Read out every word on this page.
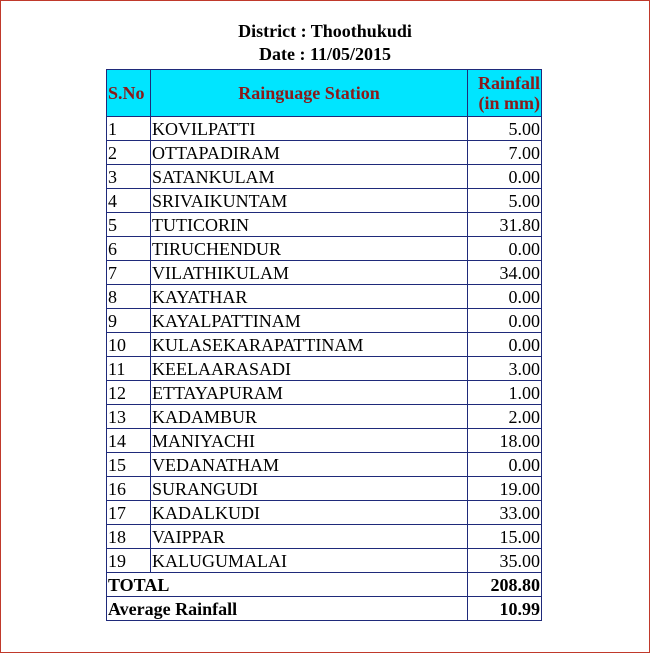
District : Thoothukudi
Date : 11/05/2015
S.No	Rainguage Station	Rainfall
(in mm)
1	KOVILPATTI	5.00
2	OTTAPADIRAM	7.00
3	SATANKULAM	0.00
4	SRIVAIKUNTAM	5.00
5	TUTICORIN	31.80
6	TIRUCHENDUR	0.00
7	VILATHIKULAM	34.00
8	KAYATHAR	0.00
9	KAYALPATTINAM	0.00
10	KULASEKARAPATTINAM	0.00
11	KEELAARASADI	3.00
12	ETTAYAPURAM	1.00
13	KADAMBUR	2.00
14	MANIYACHI	18.00
15	VEDANATHAM	0.00
16	SURANGUDI	19.00
17	KADALKUDI	33.00
18	VAIPPAR	15.00
19	KALUGUMALAI	35.00
TOTAL		208.80
Average Rainfall		10.99
